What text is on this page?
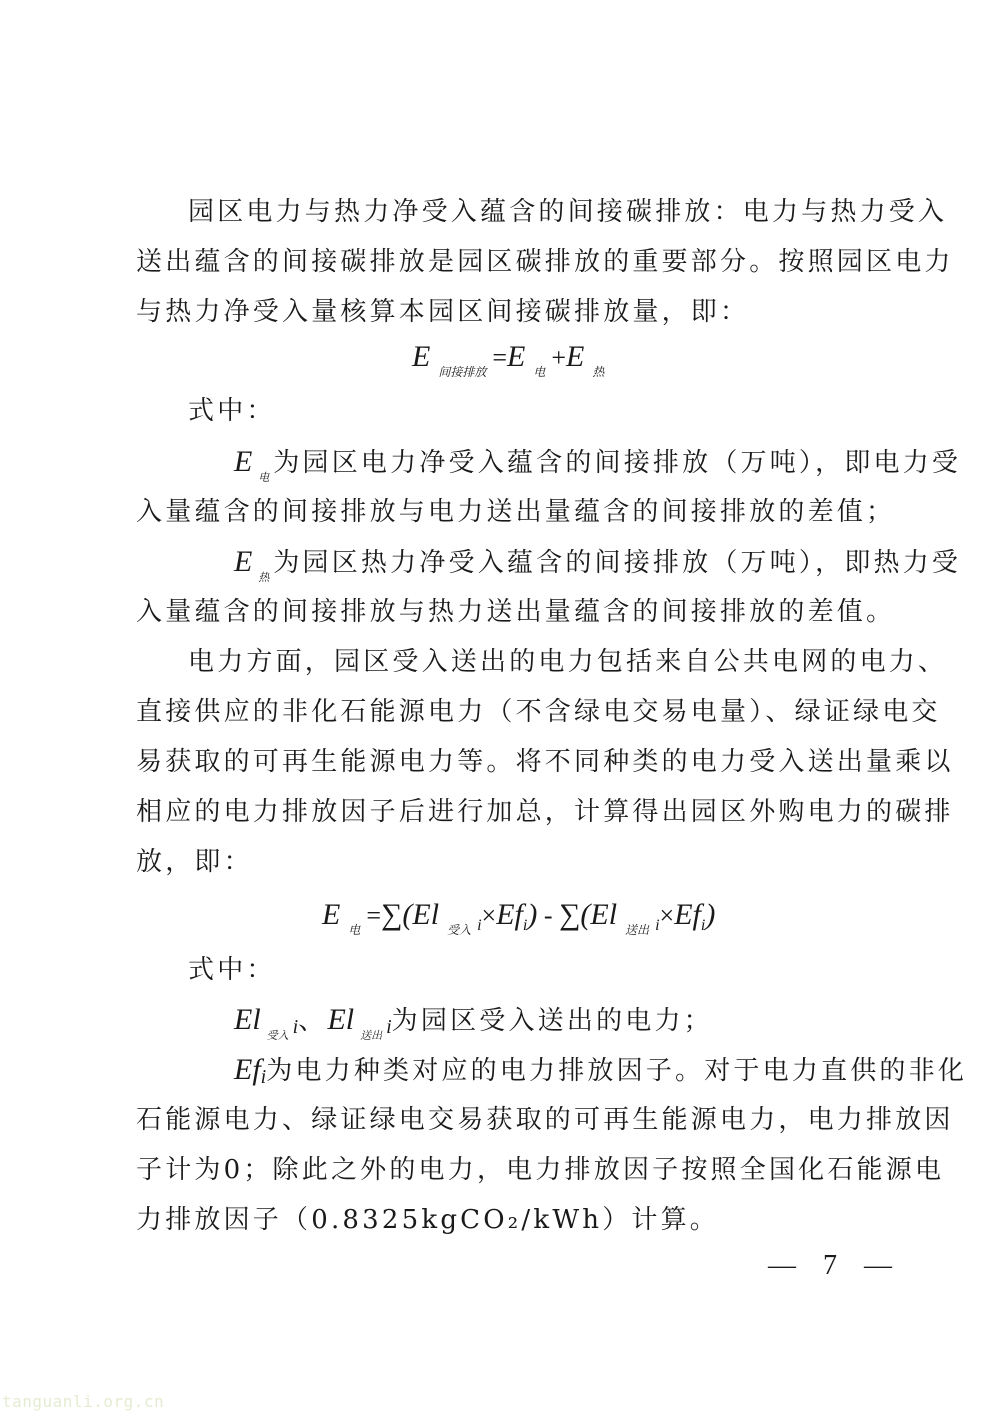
园区电力与热力净受入蕴含的间接碳排放：电力与热力受入
送出蕴含的间接碳排放是园区碳排放的重要部分。按照园区电力
与热力净受入量核算本园区间接碳排放量，即：
E $_{间接排放}$ =E $_电$ +E $_热$
式中：
E $_电$ 为园区电力净受入蕴含的间接排放（万吨），即电力受
入量蕴含的间接排放与电力送出量蕴含的间接排放的差值；
E $_热$ 为园区热力净受入蕴含的间接排放（万吨），即热力受
入量蕴含的间接排放与热力送出量蕴含的间接排放的差值。
电力方面，园区受入送出的电力包括来自公共电网的电力、
直接供应的非化石能源电力（不含绿电交易电量）、绿证绿电交
易获取的可再生能源电力等。将不同种类的电力受入送出量乘以
相应的电力排放因子后进行加总，计算得出园区外购电力的碳排
放，即：
E $_电$ =∑(El $_{受入}$ $_i\times Ef_i) - \sum(El$ $_{送出}$ $_i\times Ef_i$)
式中：
El $_{受入}$ i、El $_{送出}$ i为园区受入送出的电力；
Efi为电力种类对应的电力排放因子。对于电力直供的非化
石能源电力、绿证绿电交易获取的可再生能源电力，电力排放因
子计为0；除此之外的电力，电力排放因子按照全国化石能源电
力排放因子（0.8325kgCO₂/kWh）计算。
— 7 —
tanguanli.org.cn
